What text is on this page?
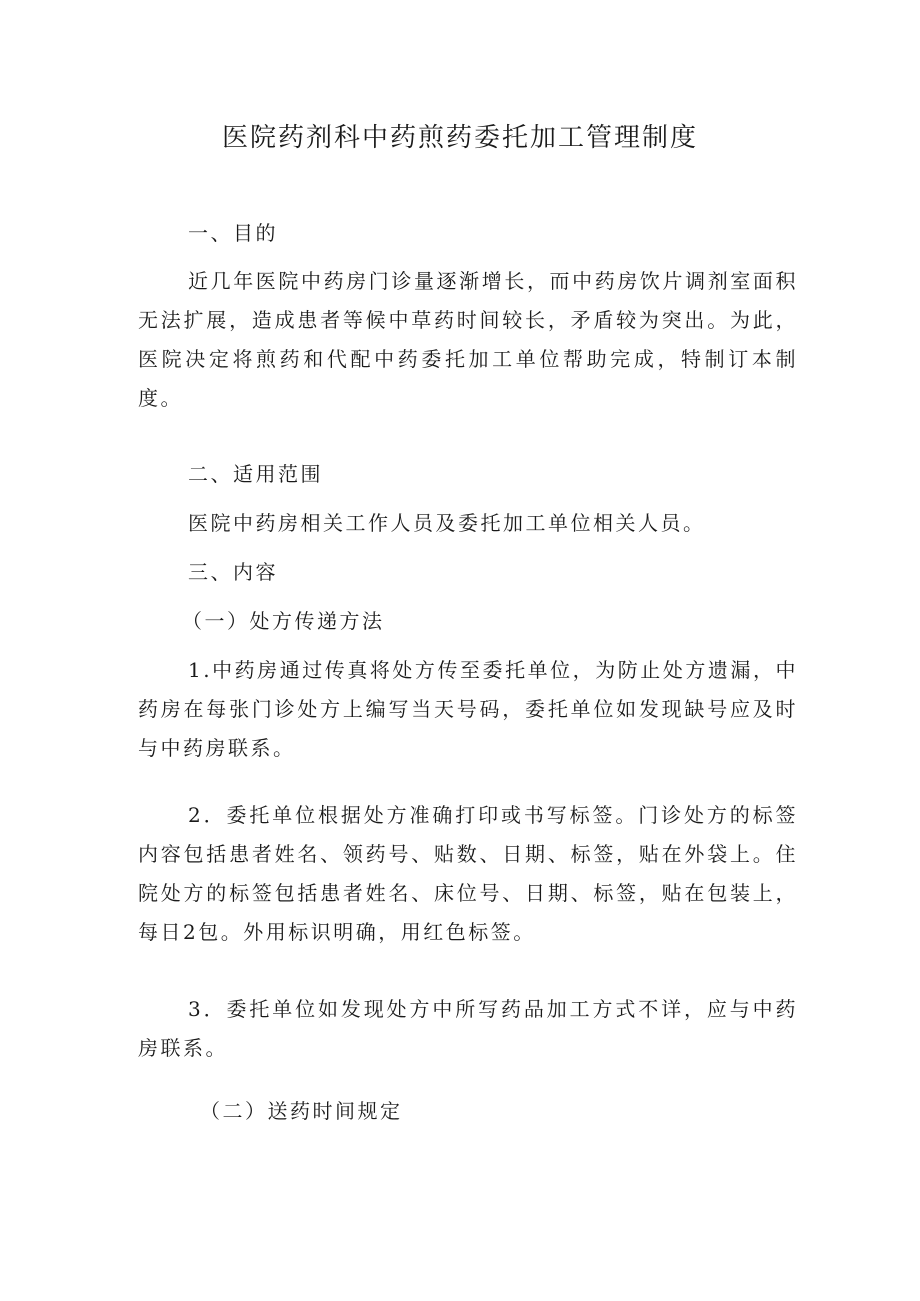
医院药剂科中药煎药委托加工管理制度

一、目的

近几年医院中药房门诊量逐渐增长，而中药房饮片调剂室面积无法扩展，造成患者等候中草药时间较长，矛盾较为突出。为此，医院决定将煎药和代配中药委托加工单位帮助完成，特制订本制度。

二、适用范围

医院中药房相关工作人员及委托加工单位相关人员。

三、内容

（一）处方传递方法

1.中药房通过传真将处方传至委托单位，为防止处方遗漏，中药房在每张门诊处方上编写当天号码，委托单位如发现缺号应及时与中药房联系。

2．委托单位根据处方准确打印或书写标签。门诊处方的标签内容包括患者姓名、领药号、贴数、日期、标签，贴在外袋上。住院处方的标签包括患者姓名、床位号、日期、标签，贴在包装上，每日2包。外用标识明确，用红色标签。

3．委托单位如发现处方中所写药品加工方式不详，应与中药房联系。

（二）送药时间规定
